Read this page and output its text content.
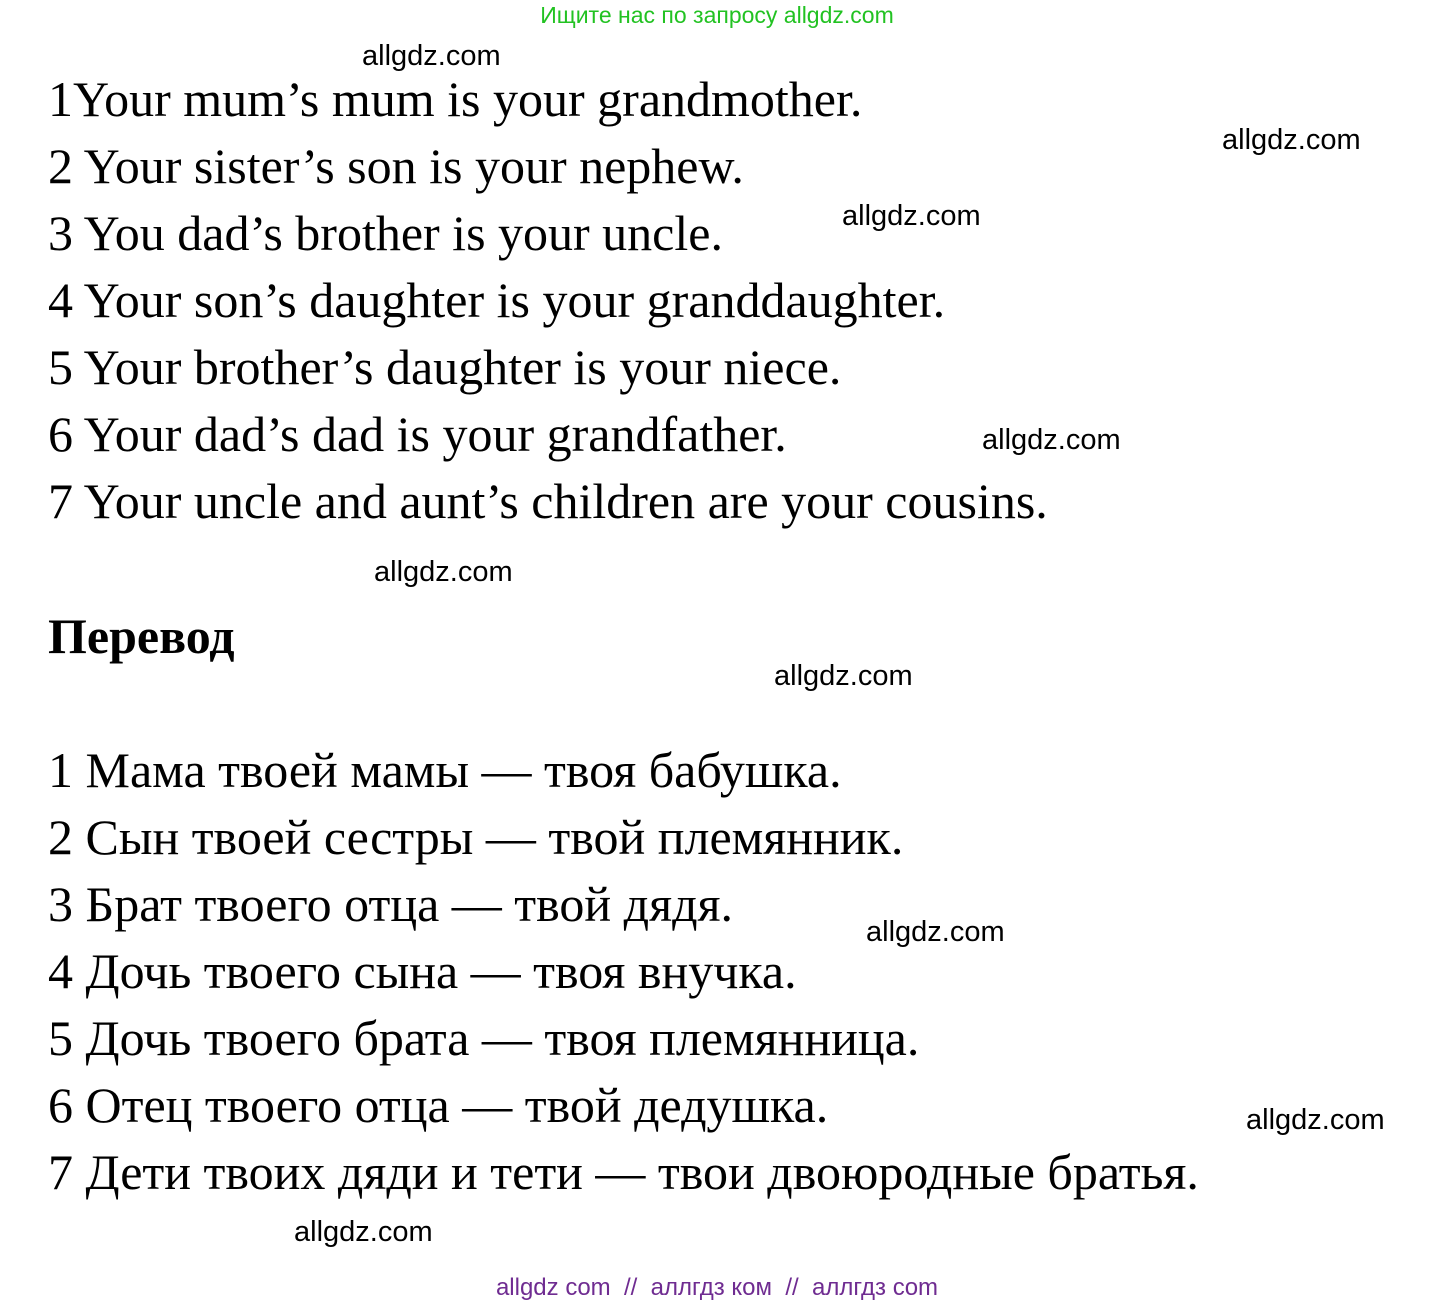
Ищите нас по запросу allgdz.com
1Your mum’s mum is your grandmother.
2 Your sister’s son is your nephew.
3 You dad’s brother is your uncle.
4 Your son’s daughter is your granddaughter.
5 Your brother’s daughter is your niece.
6 Your dad’s dad is your grandfather.
7 Your uncle and aunt’s children are your cousins.
Перевод
1 Мама твоей мамы — твоя бабушка.
2 Сын твоей сестры — твой племянник.
3 Брат твоего отца — твой дядя.
4 Дочь твоего сына — твоя внучка.
5 Дочь твоего брата — твоя племянница.
6 Отец твоего отца — твой дедушка.
7 Дети твоих дяди и тети — твои двоюродные братья.
allgdz.com
allgdz.com
allgdz.com
allgdz.com
allgdz.com
allgdz.com
allgdz.com
allgdz.com
allgdz.com
allgdz com  //  аллгдз ком  //  аллгдз com
